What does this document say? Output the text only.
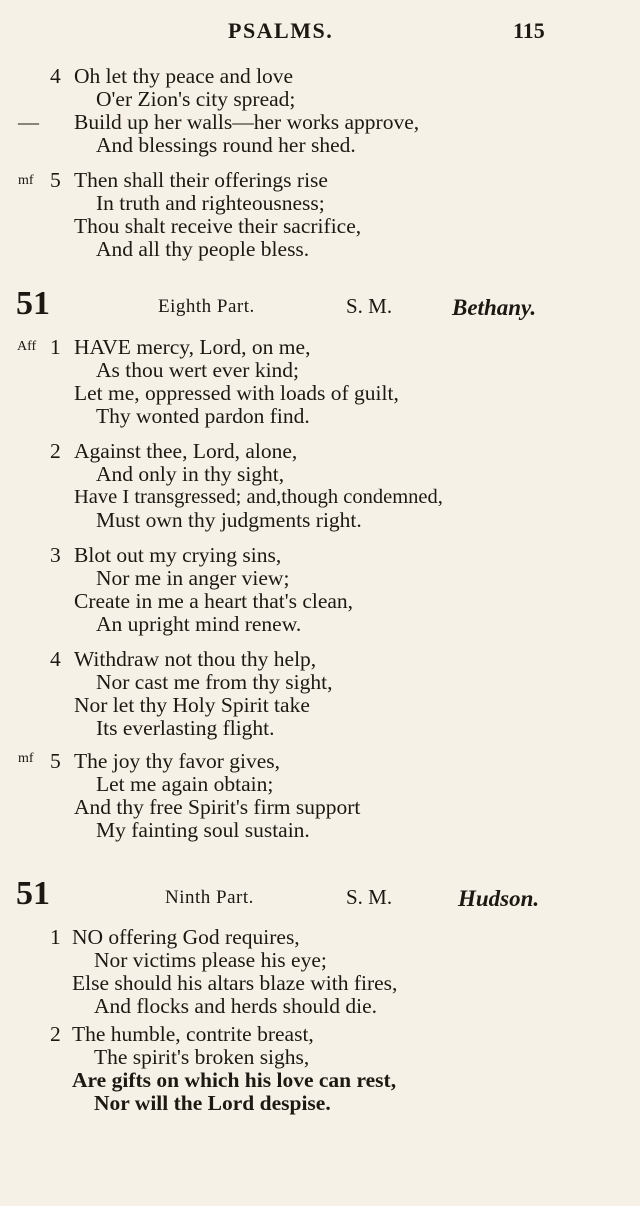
PSALMS.	115
4 Oh let thy peace and love
O'er Zion's city spread;
— Build up her walls—her works approve,
And blessings round her shed.
mf 5 Then shall their offerings rise
In truth and righteousness;
Thou shalt receive their sacrifice,
And all thy people bless.
51	Eighth Part.	S. M.	Bethany.
Aff 1 HAVE mercy, Lord, on me,
As thou wert ever kind;
Let me, oppressed with loads of guilt,
Thy wonted pardon find.
2 Against thee, Lord, alone,
And only in thy sight,
Have I transgressed; and,though condemned,
Must own thy judgments right.
3 Blot out my crying sins,
Nor me in anger view;
Create in me a heart that's clean,
An upright mind renew.
4 Withdraw not thou thy help,
Nor cast me from thy sight,
Nor let thy Holy Spirit take
Its everlasting flight.
mf 5 The joy thy favor gives,
Let me again obtain;
And thy free Spirit's firm support
My fainting soul sustain.
51	Ninth Part.	S. M.	Hudson.
1 NO offering God requires,
Nor victims please his eye;
Else should his altars blaze with fires,
And flocks and herds should die.
2 The humble, contrite breast,
The spirit's broken sighs,
Are gifts on which his love can rest,
Nor will the Lord despise.
